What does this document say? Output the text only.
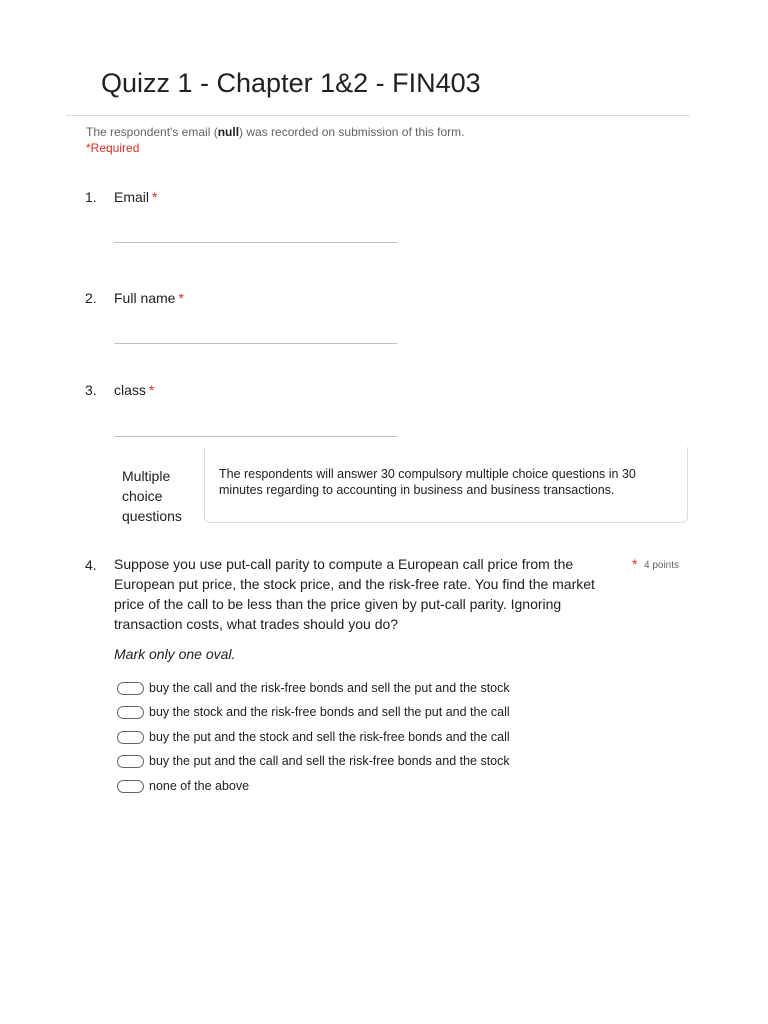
Quizz 1 - Chapter 1&2 - FIN403
The respondent's email (null) was recorded on submission of this form.
*Required
1. Email *
2. Full name *
3. class *
Multiple choice questions
The respondents will answer 30 compulsory multiple choice questions in 30 minutes regarding to accounting in business and business transactions.
4. Suppose you use put-call parity to compute a European call price from the European put price, the stock price, and the risk-free rate. You find the market price of the call to be less than the price given by put-call parity. Ignoring transaction costs, what trades should you do?
* 4 points
Mark only one oval.
buy the call and the risk-free bonds and sell the put and the stock
buy the stock and the risk-free bonds and sell the put and the call
buy the put and the stock and sell the risk-free bonds and the call
buy the put and the call and sell the risk-free bonds and the stock
none of the above
